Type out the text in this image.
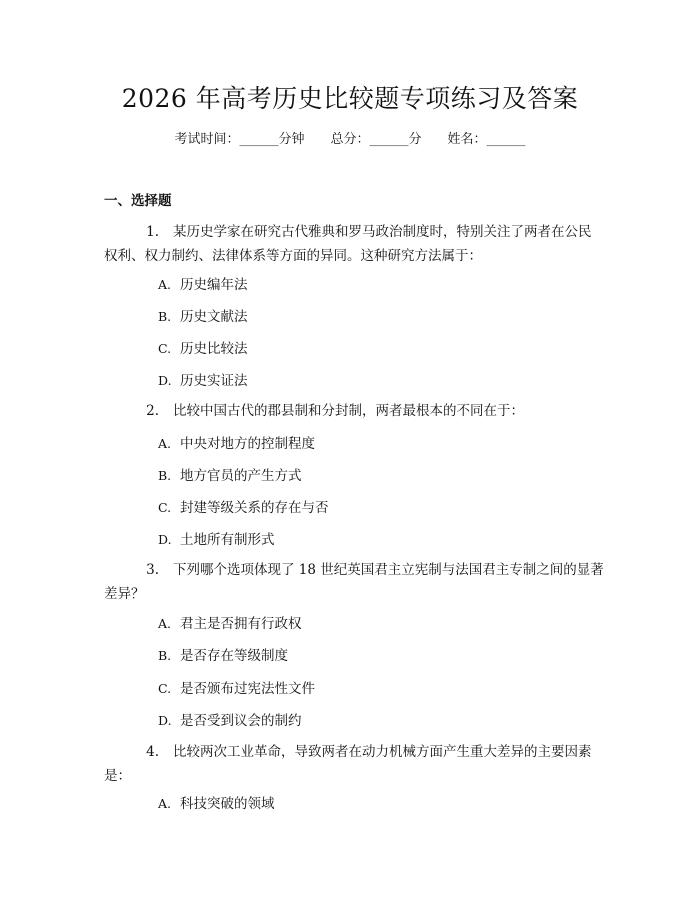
2026 年高考历史比较题专项练习及答案
考试时间：______分钟 总分：______分 姓名：______
一、选择题
1. 某历史学家在研究古代雅典和罗马政治制度时，特别关注了两者在公民权利、权力制约、法律体系等方面的异同。这种研究方法属于：
A. 历史编年法
B. 历史文献法
C. 历史比较法
D. 历史实证法
2. 比较中国古代的郡县制和分封制，两者最根本的不同在于：
A. 中央对地方的控制程度
B. 地方官员的产生方式
C. 封建等级关系的存在与否
D. 土地所有制形式
3. 下列哪个选项体现了 18 世纪英国君主立宪制与法国君主专制之间的显著差异？
A. 君主是否拥有行政权
B. 是否存在等级制度
C. 是否颁布过宪法性文件
D. 是否受到议会的制约
4. 比较两次工业革命，导致两者在动力机械方面产生重大差异的主要因素是：
A. 科技突破的领域
